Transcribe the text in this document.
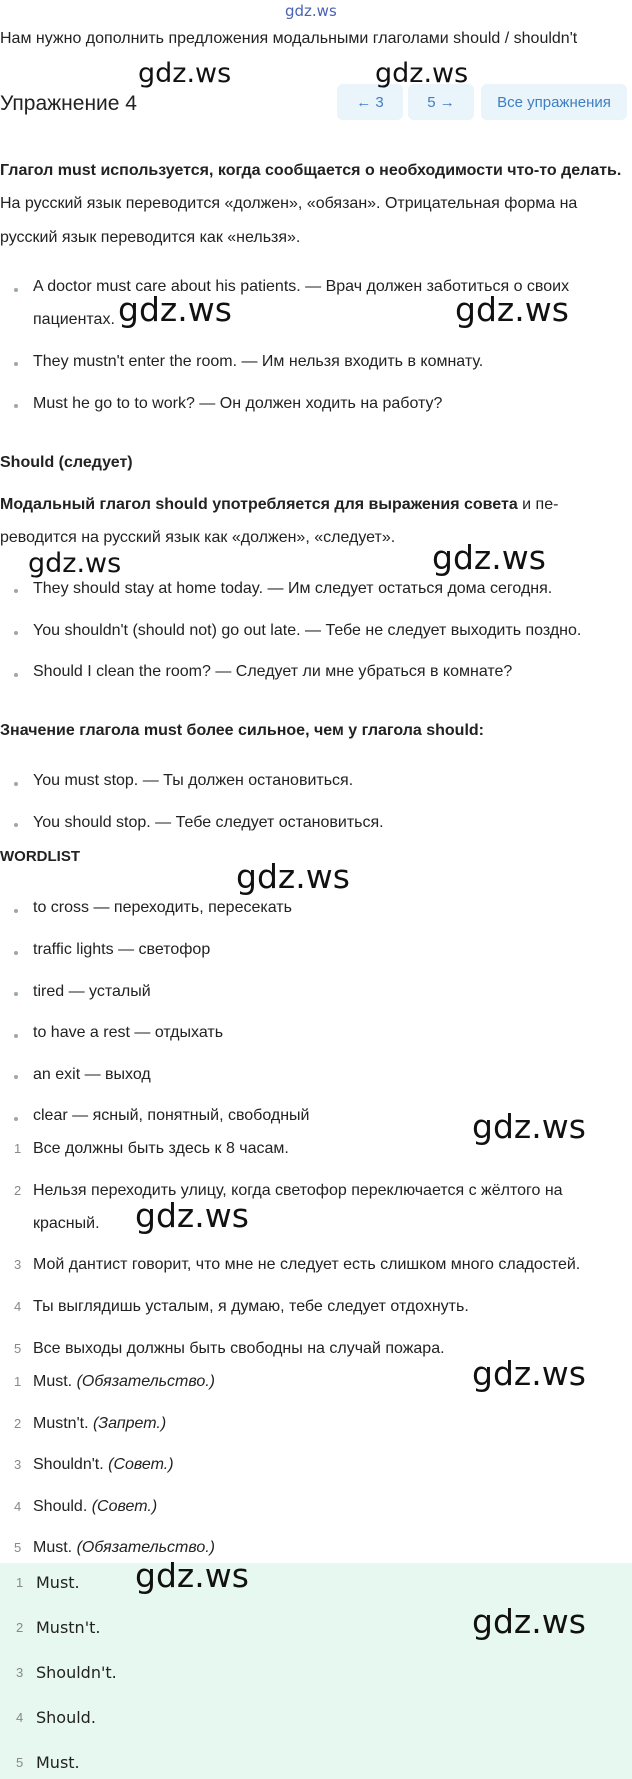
gdz.ws
Нам нужно дополнить предложения модальными глаголами should / shouldn't
Упражнение 4	← 3	5 →	Все упражнения
Глагол must используется, когда сообщается о необходимости что-то делать.
На русский язык переводится «должен», «обязан». Отрицательная форма на
русский язык переводится как «нельзя».
A doctor must care about his patients. — Врач должен заботиться о своих
пациентах.
They mustn't enter the room. — Им нельзя входить в комнату.
Must he go to to work? — Он должен ходить на работу?
Should (следует)
Модальный глагол should употребляется для выражения совета и пе-
реводится на русский язык как «должен», «следует».
They should stay at home today. — Им следует остаться дома сегодня.
You shouldn't (should not) go out late. — Тебе не следует выходить поздно.
Should I clean the room? — Следует ли мне убраться в комнате?
Значение глагола must более сильное, чем у глагола should:
You must stop. — Ты должен остановиться.
You should stop. — Тебе следует остановиться.
WORDLIST
to cross — переходить, пересекать
traffic lights — светофор
tired — усталый
to have a rest — отдыхать
an exit — выход
clear — ясный, понятный, свободный
1 Все должны быть здесь к 8 часам.
2 Нельзя переходить улицу, когда светофор переключается с жёлтого на
красный.
3 Мой дантист говорит, что мне не следует есть слишком много сладостей.
4 Ты выглядишь усталым, я думаю, тебе следует отдохнуть.
5 Все выходы должны быть свободны на случай пожара.
1 Must. (Обязательство.)
2 Mustn't. (Запрет.)
3 Shouldn't. (Совет.)
4 Should. (Совет.)
5 Must. (Обязательство.)
1 Must.
2 Mustn't.
3 Shouldn't.
4 Should.
5 Must.
gdz.ws	gdz.ws
gdz.ws	gdz.ws
gdz.ws	gdz.ws
gdz.ws
gdz.ws
gdz.ws
gdz.ws
gdz.ws
gdz.ws
